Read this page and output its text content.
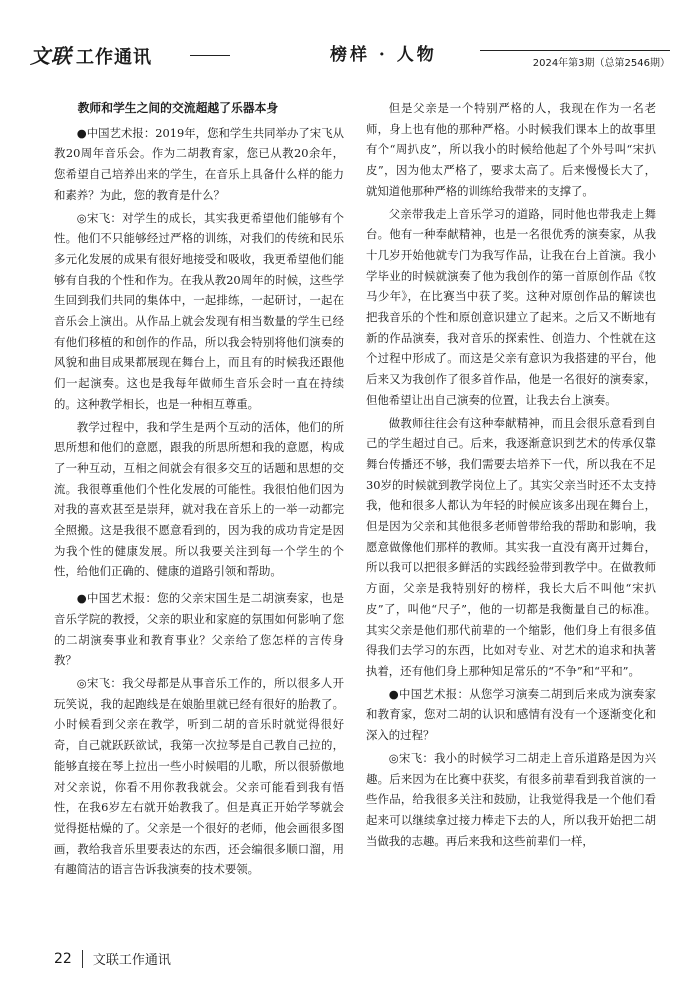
文联 工作通讯	榜样 · 人物	2024年第3期（总第2546期）
教师和学生之间的交流超越了乐器本身

●中国艺术报：2019年，您和学生共同举办了宋飞从教20周年音乐会。作为二胡教育家，您已从教20余年，您希望自己培养出来的学生，在音乐上具备什么样的能力和素养？为此，您的教育是什么？

◎宋飞：对学生的成长，其实我更希望他们能够有个性。他们不只能够经过严格的训练，对我们的传统和民乐多元化发展的成果有很好地接受和吸收，我更希望他们能够有自我的个性和作为。在我从教20周年的时候，这些学生回到我们共同的集体中，一起排练，一起研讨，一起在音乐会上演出。从作品上就会发现有相当数量的学生已经有他们移植的和创作的作品，所以我会特别将他们演奏的风貌和曲目成果都展现在舞台上，而且有的时候我还跟他们一起演奏。这也是我每年做师生音乐会时一直在持续的。这种教学相长，也是一种相互尊重。

教学过程中，我和学生是两个互动的活体，他们的所思所想和他们的意愿，跟我的所思所想和我的意愿，构成了一种互动，互相之间就会有很多交互的话题和思想的交流。我很尊重他们个性化发展的可能性。我很怕他们因为对我的喜欢甚至是崇拜，就对我在音乐上的一举一动都完全照搬。这是我很不愿意看到的，因为我的成功肯定是因为我个性的健康发展。所以我要关注到每一个学生的个性，给他们正确的、健康的道路引领和帮助。

●中国艺术报：您的父亲宋国生是二胡演奏家，也是音乐学院的教授，父亲的职业和家庭的氛围如何影响了您的二胡演奏事业和教育事业？父亲给了您怎样的言传身教？

◎宋飞：我父母都是从事音乐工作的，所以很多人开玩笑说，我的起跑线是在娘胎里就已经有很好的胎教了。小时候看到父亲在教学，听到二胡的音乐时就觉得很好奇，自己就跃跃欲试，我第一次拉琴是自己教自己拉的，能够直接在琴上拉出一些小时候唱的儿歌，所以很骄傲地对父亲说，你看不用你教我就会。父亲可能看到我有悟性，在我6岁左右就开始教我了。但是真正开始学琴就会觉得挺枯燥的了。父亲是一个很好的老师，他会画很多图画，教给我音乐里要表达的东西，还会编很多顺口溜，用有趣简洁的语言告诉我演奏的技术要领。

但是父亲是一个特别严格的人，我现在作为一名老师，身上也有他的那种严格。小时候我们课本上的故事里有个“周扒皮”，所以我小的时候给他起了个外号叫“宋扒皮”，因为他太严格了，要求太高了。后来慢慢长大了，就知道他那种严格的训练给我带来的支撑了。

父亲带我走上音乐学习的道路，同时他也带我走上舞台。他有一种奉献精神，也是一名很优秀的演奏家，从我十几岁开始他就专门为我写作品，让我在台上首演。我小学毕业的时候就演奏了他为我创作的第一首原创作品《牧马少年》，在比赛当中获了奖。这种对原创作品的解读也把我音乐的个性和原创意识建立了起来。之后又不断地有新的作品演奏，我对音乐的探索性、创造力、个性就在这个过程中形成了。而这是父亲有意识为我搭建的平台，他后来又为我创作了很多首作品，他是一名很好的演奏家，但他希望让出自己演奏的位置，让我去台上演奏。

做教师往往会有这种奉献精神，而且会很乐意看到自己的学生超过自己。后来，我逐渐意识到艺术的传承仅靠舞台传播还不够，我们需要去培养下一代，所以我在不足30岁的时候就到教学岗位上了。其实父亲当时还不太支持我，他和很多人都认为年轻的时候应该多出现在舞台上，但是因为父亲和其他很多老师曾带给我的帮助和影响，我愿意做像他们那样的教师。其实我一直没有离开过舞台，所以我可以把很多鲜活的实践经验带到教学中。在做教师方面，父亲是我特别好的榜样，我长大后不叫他“宋扒皮”了，叫他“尺子”，他的一切都是我衡量自己的标准。其实父亲是他们那代前辈的一个缩影，他们身上有很多值得我们去学习的东西，比如对专业、对艺术的追求和执著执着，还有他们身上那种知足常乐的“不争”和“平和”。

●中国艺术报：从您学习演奏二胡到后来成为演奏家和教育家，您对二胡的认识和感情有没有一个逐渐变化和深入的过程？

◎宋飞：我小的时候学习二胡走上音乐道路是因为兴趣。后来因为在比赛中获奖，有很多前辈看到我首演的一些作品，给我很多关注和鼓励，让我觉得我是一个他们看起来可以继续拿过接力棒走下去的人，所以我开始把二胡当做我的志趣。再后来我和这些前辈们一样，

22 文联工作通讯
